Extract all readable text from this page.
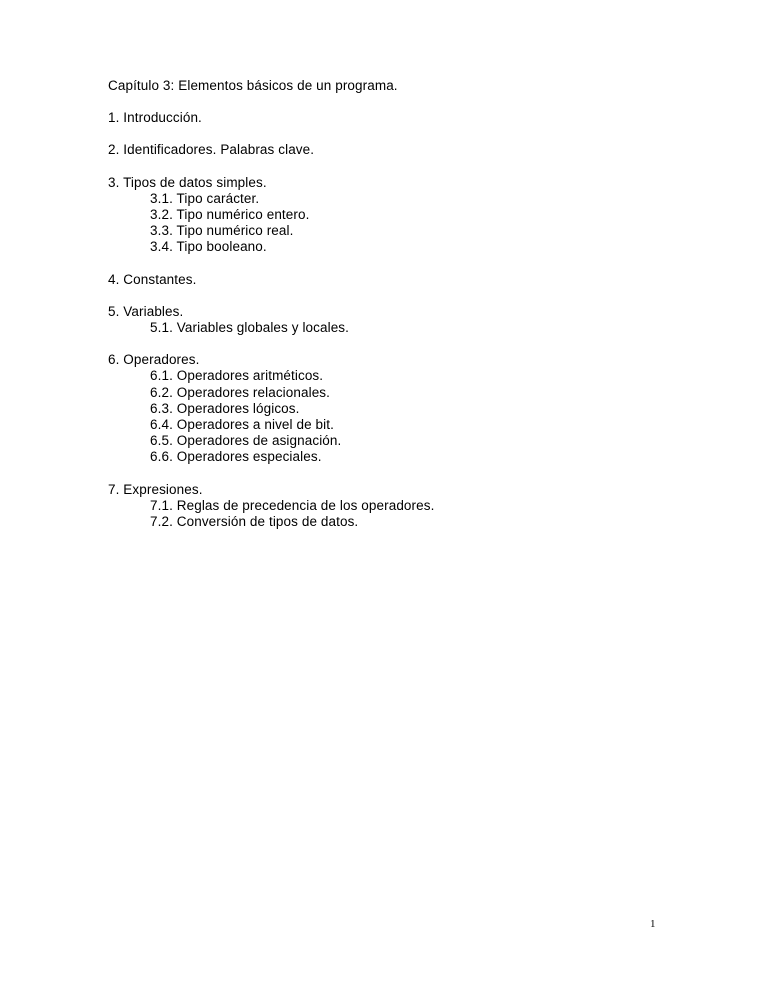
Capítulo 3: Elementos básicos de un programa.
1. Introducción.
2. Identificadores. Palabras clave.
3. Tipos de datos simples.
3.1. Tipo carácter.
3.2. Tipo numérico entero.
3.3. Tipo numérico real.
3.4. Tipo booleano.
4. Constantes.
5. Variables.
5.1. Variables globales y locales.
6. Operadores.
6.1. Operadores aritméticos.
6.2. Operadores relacionales.
6.3. Operadores lógicos.
6.4. Operadores a nivel de bit.
6.5. Operadores de asignación.
6.6. Operadores especiales.
7. Expresiones.
7.1. Reglas de precedencia de los operadores.
7.2. Conversión de tipos de datos.
1
